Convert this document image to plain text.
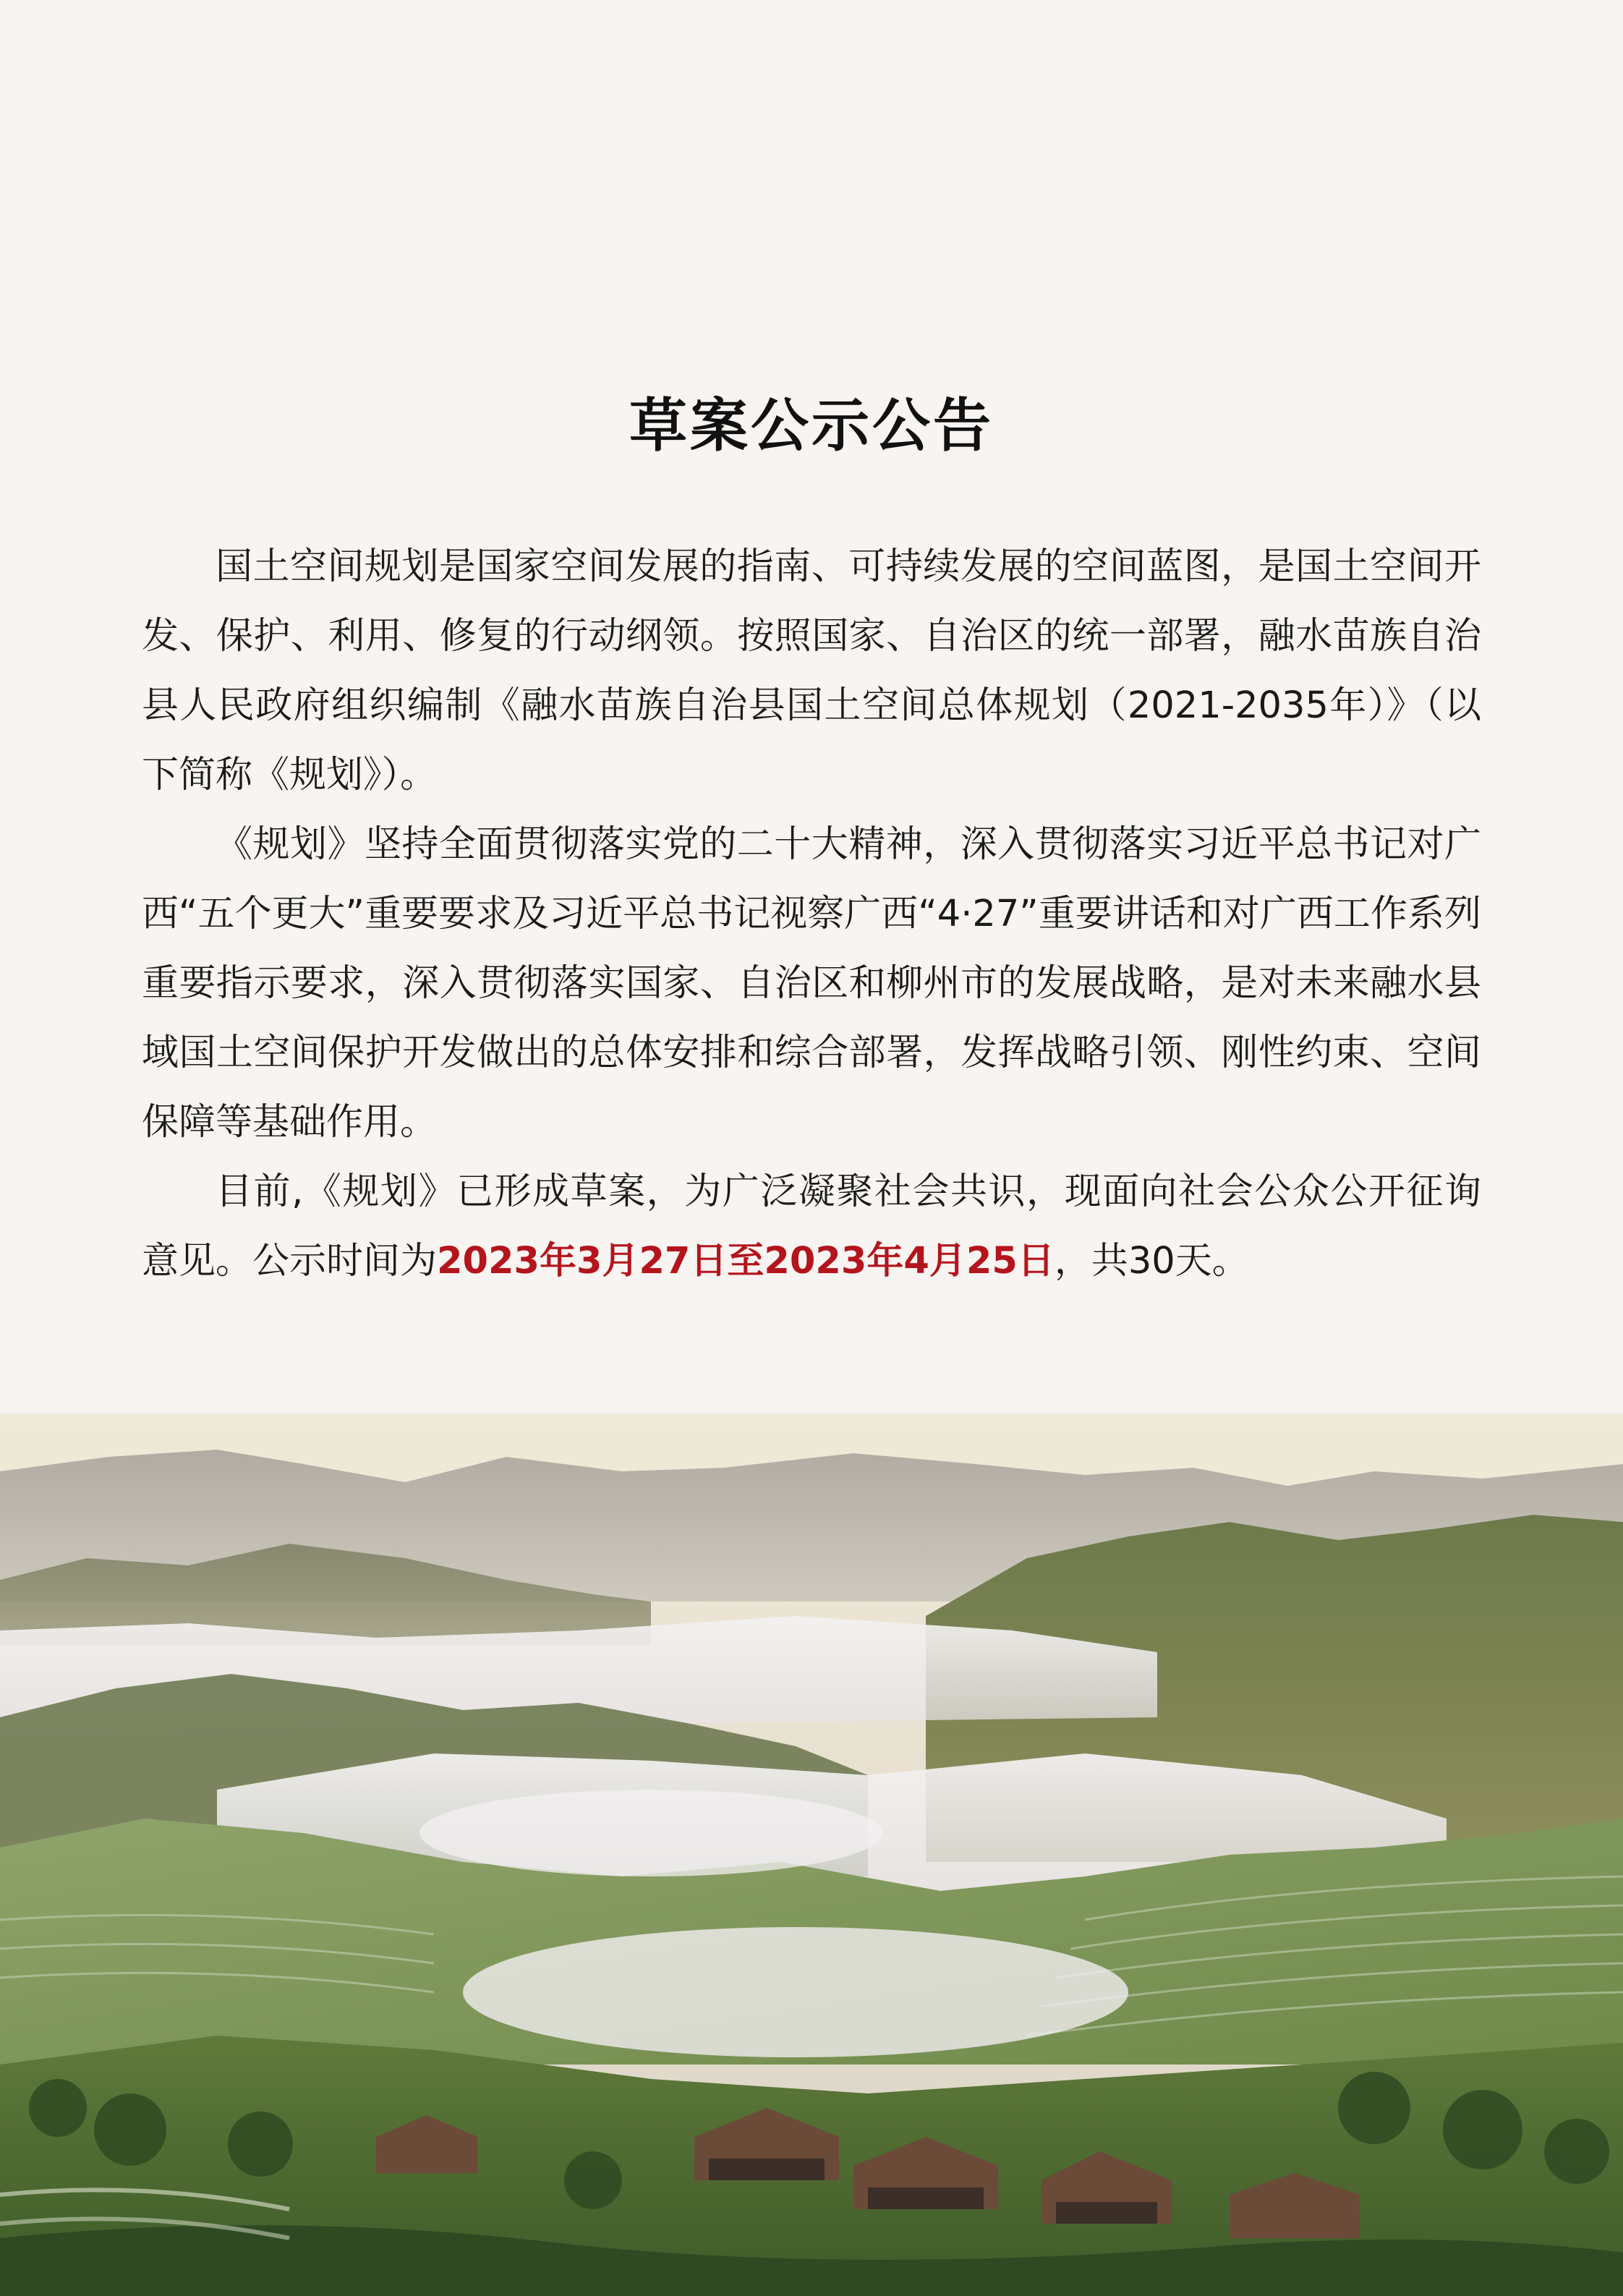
草案公示公告

国土空间规划是国家空间发展的指南、可持续发展的空间蓝图，是国土空间开发、保护、利用、修复的行动纲领。按照国家、自治区的统一部署，融水苗族自治县人民政府组织编制《融水苗族自治县国土空间总体规划（2021-2035年）》（以下简称《规划》）。

《规划》坚持全面贯彻落实党的二十大精神，深入贯彻落实习近平总书记对广西“五个更大”重要要求及习近平总书记视察广西“4·27”重要讲话和对广西工作系列重要指示要求，深入贯彻落实国家、自治区和柳州市的发展战略，是对未来融水县域国土空间保护开发做出的总体安排和综合部署，发挥战略引领、刚性约束、空间保障等基础作用。

目前,《规划》已形成草案，为广泛凝聚社会共识，现面向社会公众公开征询意见。公示时间为2023年3月27日至2023年4月25日，共30天。
